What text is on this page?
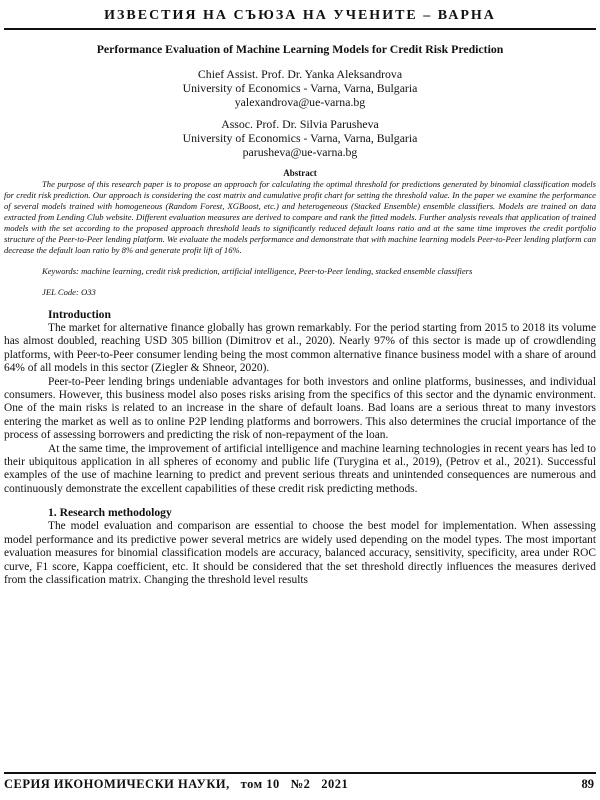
ИЗВЕСТИЯ НА СЪЮЗА НА УЧЕНИТЕ – ВАРНА
Performance Evaluation of Machine Learning Models for Credit Risk Prediction
Chief Assist. Prof. Dr. Yanka Aleksandrova
University of Economics - Varna, Varna, Bulgaria
yalexandrova@ue-varna.bg
Assoc. Prof. Dr. Silvia Parusheva
University of Economics - Varna, Varna, Bulgaria
parusheva@ue-varna.bg
Abstract

The purpose of this research paper is to propose an approach for calculating the optimal threshold for predictions generated by binomial classification models for credit risk prediction. Our approach is considering the cost matrix and cumulative profit chart for setting the threshold value. In the paper we examine the performance of several models trained with homogeneous (Random Forest, XGBoost, etc.) and heterogeneous (Stacked Ensemble) ensemble classifiers. Models are trained on data extracted from Lending Club website. Different evaluation measures are derived to compare and rank the fitted models. Further analysis reveals that application of trained models with the set according to the proposed approach threshold leads to significantly reduced default loans ratio and at the same time improves the credit portfolio structure of the Peer-to-Peer lending platform. We evaluate the models performance and demonstrate that with machine learning models Peer-to-Peer lending platform can decrease the default loan ratio by 8% and generate profit lift of 16%.

Keywords: machine learning, credit risk prediction, artificial intelligence, Peer-to-Peer lending, stacked ensemble classifiers

JEL Code: O33

Introduction

The market for alternative finance globally has grown remarkably. For the period starting from 2015 to 2018 its volume has almost doubled, reaching USD 305 billion (Dimitrov et al., 2020). Nearly 97% of this sector is made up of crowdlending platforms, with Peer-to-Peer consumer lending being the most common alternative finance business model with a share of around 64% of all models in this sector (Ziegler & Shneor, 2020).

Peer-to-Peer lending brings undeniable advantages for both investors and online platforms, businesses, and individual consumers. However, this business model also poses risks arising from the specifics of this sector and the dynamic environment. One of the main risks is related to an increase in the share of default loans. Bad loans are a serious threat to many investors entering the market as well as to online P2P lending platforms and borrowers. This also determines the crucial importance of the process of assessing borrowers and predicting the risk of non-repayment of the loan.

At the same time, the improvement of artificial intelligence and machine learning technologies in recent years has led to their ubiquitous application in all spheres of economy and public life (Turygina et al., 2019), (Petrov et al., 2021). Successful examples of the use of machine learning to predict and prevent serious threats and unintended consequences are numerous and continuously demonstrate the excellent capabilities of these credit risk predicting methods.

1. Research methodology

The model evaluation and comparison are essential to choose the best model for implementation. When assessing model performance and its predictive power several metrics are widely used depending on the model types. The most important evaluation measures for binomial classification models are accuracy, balanced accuracy, sensitivity, specificity, area under ROC curve, F1 score, Kappa coefficient, etc. It should be considered that the set threshold directly influences the measures derived from the classification matrix. Changing the threshold level results

СЕРИЯ ИКОНОМИЧЕСКИ НАУКИ,   том 10   №2   2021	89
